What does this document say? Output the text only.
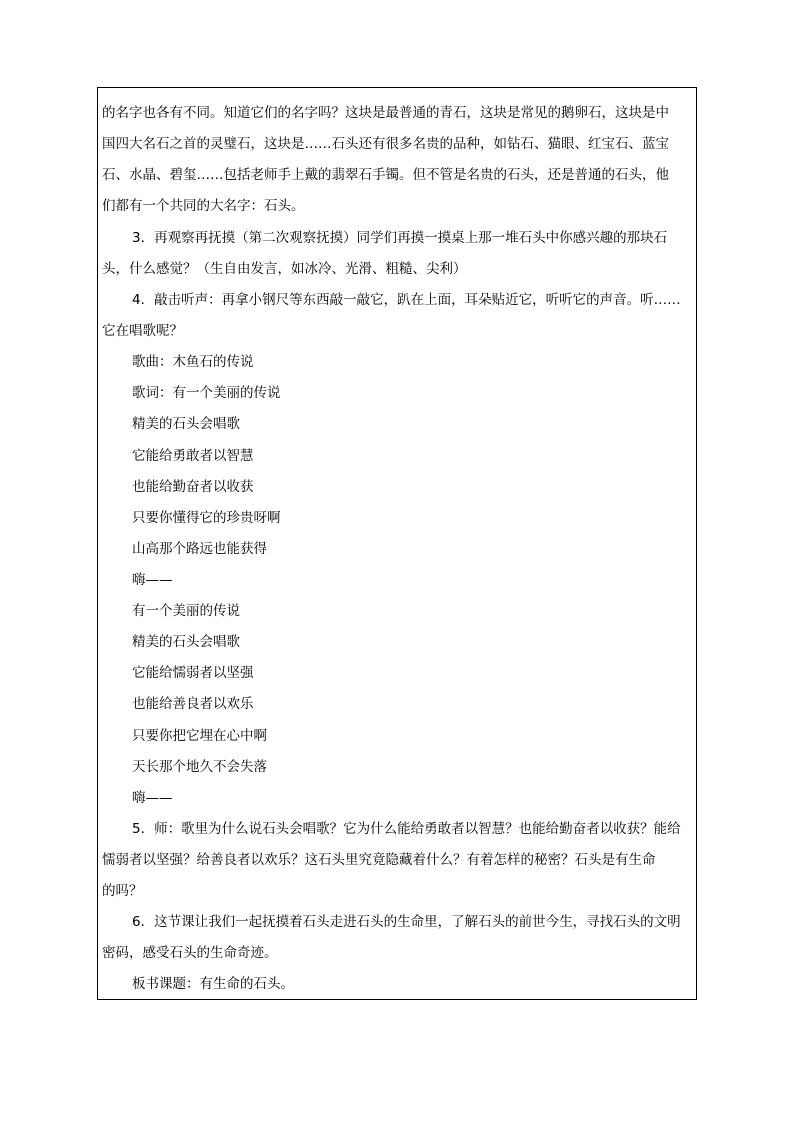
的名字也各有不同。知道它们的名字吗？这块是最普通的青石，这块是常见的鹅卵石，这块是中
国四大名石之首的灵璧石，这块是……石头还有很多名贵的品种，如钻石、猫眼、红宝石、蓝宝
石、水晶、碧玺……包括老师手上戴的翡翠石手镯。但不管是名贵的石头，还是普通的石头，他
们都有一个共同的大名字：石头。
3．再观察再抚摸（第二次观察抚摸）同学们再摸一摸桌上那一堆石头中你感兴趣的那块石
头，什么感觉？（生自由发言，如冰冷、光滑、粗糙、尖利）
4．敲击听声：再拿小钢尺等东西敲一敲它，趴在上面，耳朵贴近它，听听它的声音。听……
它在唱歌呢？
歌曲：木鱼石的传说
歌词：有一个美丽的传说
精美的石头会唱歌
它能给勇敢者以智慧
也能给勤奋者以收获
只要你懂得它的珍贵呀啊
山高那个路远也能获得
嗨——
有一个美丽的传说
精美的石头会唱歌
它能给懦弱者以坚强
也能给善良者以欢乐
只要你把它埋在心中啊
天长那个地久不会失落
嗨——
5．师：歌里为什么说石头会唱歌？它为什么能给勇敢者以智慧？也能给勤奋者以收获？能给
懦弱者以坚强？给善良者以欢乐？这石头里究竟隐藏着什么？有着怎样的秘密？石头是有生命
的吗？
6．这节课让我们一起抚摸着石头走进石头的生命里，了解石头的前世今生，寻找石头的文明
密码，感受石头的生命奇迹。
板书课题：有生命的石头。
